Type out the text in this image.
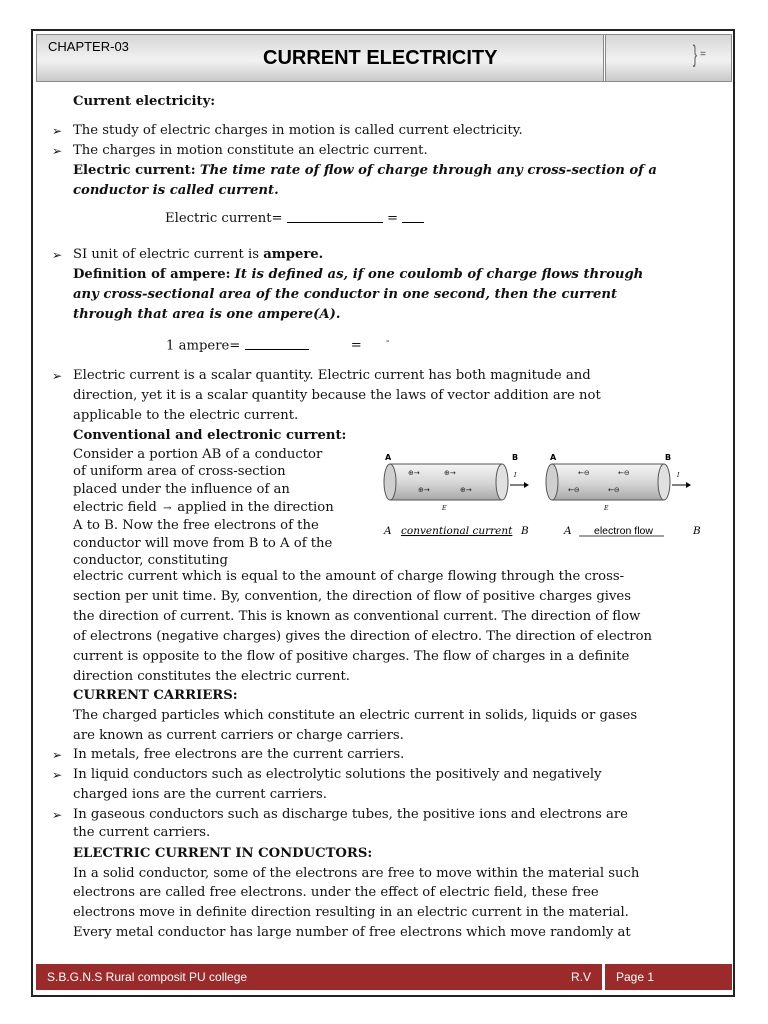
CHAPTER-03
CURRENT ELECTRICITY	} =
Current electricity:
➢ The study of electric charges in motion is called current electricity.
➢ The charges in motion constitute an electric current.
Electric current: The time rate of flow of charge through any cross-section of a
conductor is called current.
Electric current=	=
➢ SI unit of electric current is ampere.
Definition of ampere: It is defined as, if one coulomb of charge flows through
any cross-sectional area of the conductor in one second, then the current
through that area is one ampere(A).
1 ampere=	= -
➢ Electric current is a scalar quantity. Electric current has both magnitude and
direction, yet it is a scalar quantity because the laws of vector addition are not
applicable to the electric current.
Conventional and electronic current:
Consider a portion AB of a conductor
of uniform area of cross-section
placed under the influence of an
electric field → applied in the direction
A to B. Now the free electrons of the
conductor will move from B to A of the
conductor, constituting
electric current which is equal to the amount of charge flowing through the cross-
section per unit time. By, convention, the direction of flow of positive charges gives
the direction of current. This is known as conventional current. The direction of flow
of electrons (negative charges) gives the direction of electro. The direction of electron
current is opposite to the flow of positive charges. The flow of charges in a definite
direction constitutes the electric current.
CURRENT CARRIERS:
The charged particles which constitute an electric current in solids, liquids or gases
are known as current carriers or charge carriers.
➢ In metals, free electrons are the current carriers.
➢ In liquid conductors such as electrolytic solutions the positively and negatively
charged ions are the current carriers.
➢ In gaseous conductors such as discharge tubes, the positive ions and electrons are
the current carriers.
ELECTRIC CURRENT IN CONDUCTORS:
In a solid conductor, some of the electrons are free to move within the material such
electrons are called free electrons. under the effect of electric field, these free
electrons move in definite direction resulting in an electric current in the material.
Every metal conductor has large number of free electrons which move randomly at
A	B
⊕→	⊕→
⊕→	⊕→
I
E
A conventional current B
A	B
←⊖	←⊖
←⊖	←⊖
I
E
A electron flow	B
S.B.G.N.S Rural composit PU college	R.V Page 1
